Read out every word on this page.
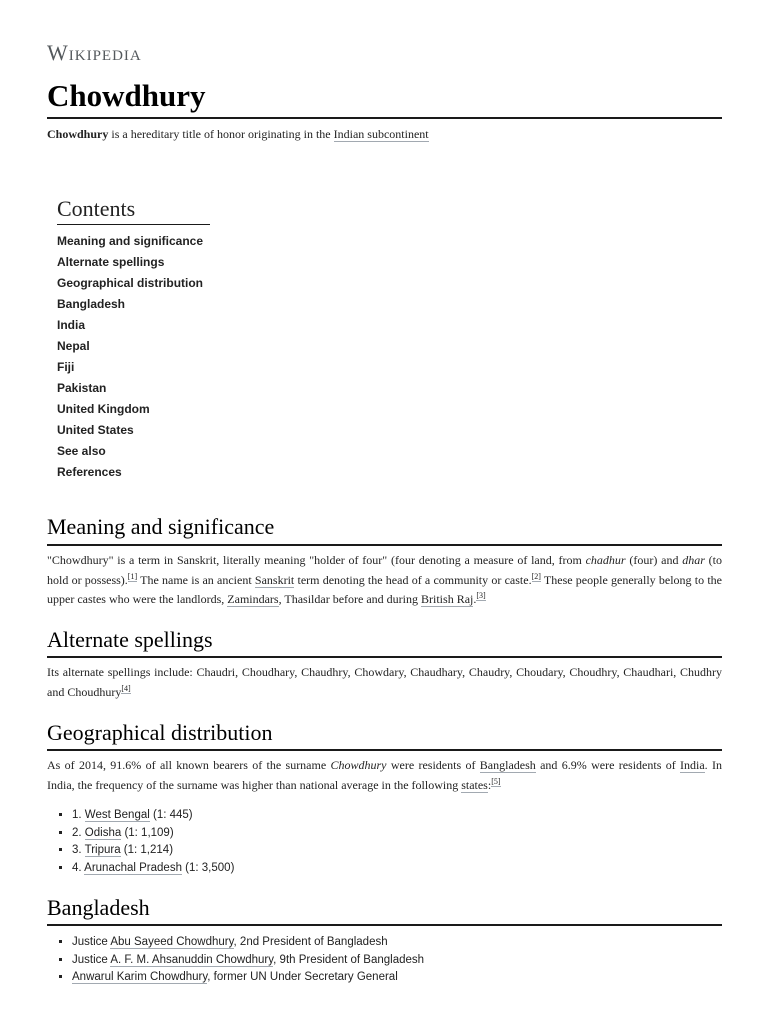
Wikipedia
Chowdhury
Chowdhury is a hereditary title of honor originating in the Indian subcontinent
Contents
Meaning and significance
Alternate spellings
Geographical distribution
Bangladesh
India
Nepal
Fiji
Pakistan
United Kingdom
United States
See also
References
Meaning and significance
"Chowdhury" is a term in Sanskrit, literally meaning "holder of four" (four denoting a measure of land, from chadhur (four) and dhar (to hold or possess).[1] The name is an ancient Sanskrit term denoting the head of a community or caste.[2] These people generally belong to the upper castes who were the landlords, Zamindars, Thasildar before and during British Raj.[3]
Alternate spellings
Its alternate spellings include: Chaudri, Choudhary, Chaudhry, Chowdary, Chaudhary, Chaudry, Choudary, Choudhry, Chaudhari, Chudhry and Choudhury[4]
Geographical distribution
As of 2014, 91.6% of all known bearers of the surname Chowdhury were residents of Bangladesh and 6.9% were residents of India. In India, the frequency of the surname was higher than national average in the following states:[5]
▪ 1. West Bengal (1: 445)
▪ 2. Odisha (1: 1,109)
▪ 3. Tripura (1: 1,214)
▪ 4. Arunachal Pradesh (1: 3,500)
Bangladesh
▪ Justice Abu Sayeed Chowdhury, 2nd President of Bangladesh
▪ Justice A. F. M. Ahsanuddin Chowdhury, 9th President of Bangladesh
▪ Anwarul Karim Chowdhury, former UN Under Secretary General
